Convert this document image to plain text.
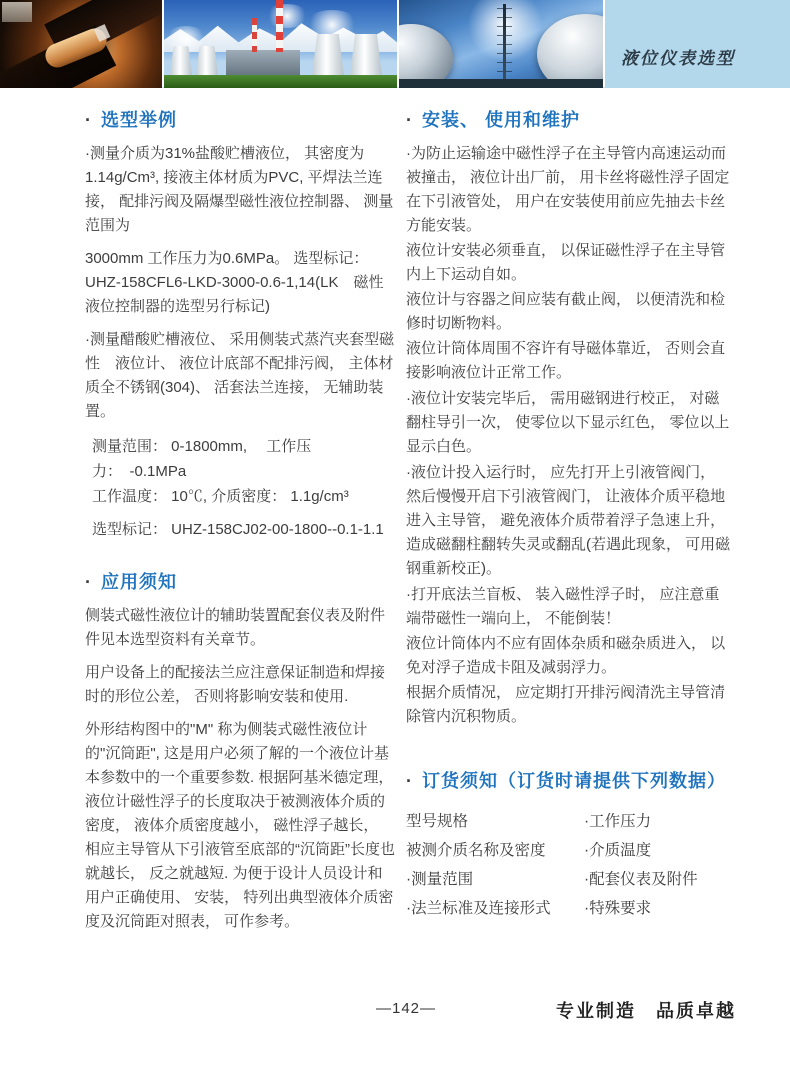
液位仪表选型
· 选型举例

·测量介质为31%盐酸贮槽液位， 其密度为1.14g/Cm³, 接液主体材质为PVC, 平焊法兰连接， 配排污阀及隔爆型磁性液位控制器、 测量范围为

3000mm 工作压力为0.6MPa。 选型标记： UHZ-158CFL6-LKD-3000-0.6-1,14(LK　磁性液位控制器的选型另行标记)

·测量醋酸贮槽液位、 采用侧装式蒸汽夹套型磁性　液位计、 液位计底部不配排污阀， 主体材质全不锈钢(304)、 活套法兰连接， 无辅助装置。

测量范围： 0-1800mm,　 工作压力：　-0.1MPa
工作温度： 10℃, 介质密度： 1.1g/cm³
选型标记： UHZ-158CJ02-00-1800--0.1-1.1
· 应用须知

侧装式磁性液位计的辅助装置配套仪表及附件件见本选型资料有关章节。

用户设备上的配接法兰应注意保证制造和焊接时的形位公差， 否则将影响安装和使用.

外形结构图中的"M" 称为侧装式磁性液位计的"沉筒距", 这是用户必须了解的一个液位计基本参数中的一个重要参数. 根据阿基米德定理， 液位计磁性浮子的长度取决于被测液体介质的密度， 液体介质密度越小， 磁性浮子越长， 相应主导管从下引液管至底部的“沉筒距”长度也就越长， 反之就越短. 为便于设计人员设计和用户正确使用、 安装， 特列出典型液体介质密度及沉筒距对照表， 可作参考。

· 安装、 使用和维护

·为防止运输途中磁性浮子在主导管内高速运动而被撞击， 液位计出厂前， 用卡丝将磁性浮子固定在下引液管处， 用户在安装使用前应先抽去卡丝方能安装。

液位计安装必须垂直， 以保证磁性浮子在主导管内上下运动自如。

液位计与容器之间应装有截止阀， 以便清洗和检修时切断物料。

液位计筒体周围不容许有导磁体靠近， 否则会直接影响液位计正常工作。

·液位计安装完毕后， 需用磁钢进行校正， 对磁翻柱导引一次， 使零位以下显示红色， 零位以上显示白色。

·液位计投入运行时， 应先打开上引液管阀门， 然后慢慢开启下引液管阀门， 让液体介质平稳地进入主导管， 避免液体介质带着浮子急速上升， 造成磁翻柱翻转失灵或翻乱(若遇此现象， 可用磁钢重新校正)。

·打开底法兰盲板、 装入磁性浮子时， 应注意重端带磁性一端向上， 不能倒装！

液位计筒体内不应有固体杂质和磁杂质进入， 以免对浮子造成卡阻及减弱浮力。

根据介质情况， 应定期打开排污阀清洗主导管清除管内沉积物质。

· 订货须知（订货时请提供下列数据）
型号规格
被测介质名称及密度
·测量范围
·法兰标准及连接形式
·工作压力
·介质温度
·配套仪表及附件
·特殊要求
—142—	专业制造　品质卓越
